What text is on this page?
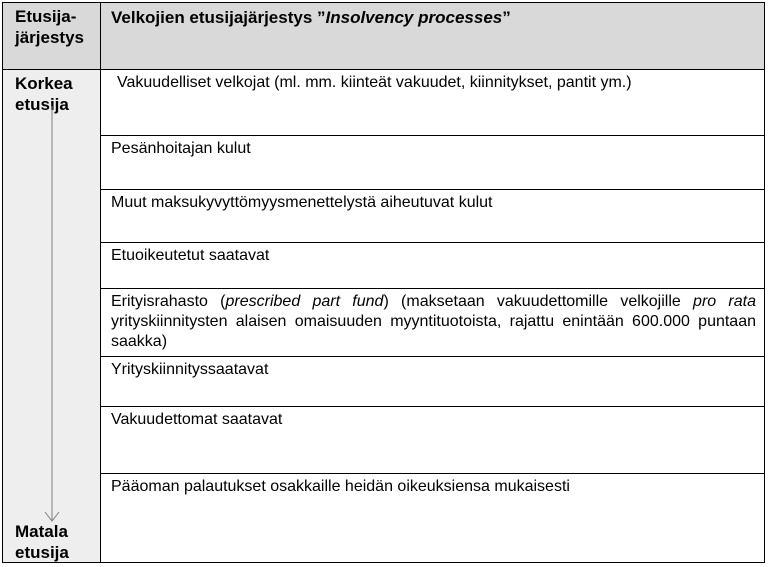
Etusija-
järjestys
Velkojien etusijajärjestys ”Insolvency processes”
Korkea
etusija
Matala
etusija
Vakuudelliset velkojat (ml. mm. kiinteät vakuudet, kiinnitykset, pantit ym.)
Pesänhoitajan kulut
Muut maksukyvyttömyysmenettelystä aiheutuvat kulut
Etuoikeutetut saatavat
Erityisrahasto (prescribed part fund) (maksetaan vakuudettomille velkojille pro rata yrityskiinnitysten alaisen omaisuuden myyntituotoista, rajattu enintään 600.000 puntaan saakka)
Yrityskiinnityssaatavat
Vakuudettomat saatavat
Pääoman palautukset osakkaille heidän oikeuksiensa mukaisesti
